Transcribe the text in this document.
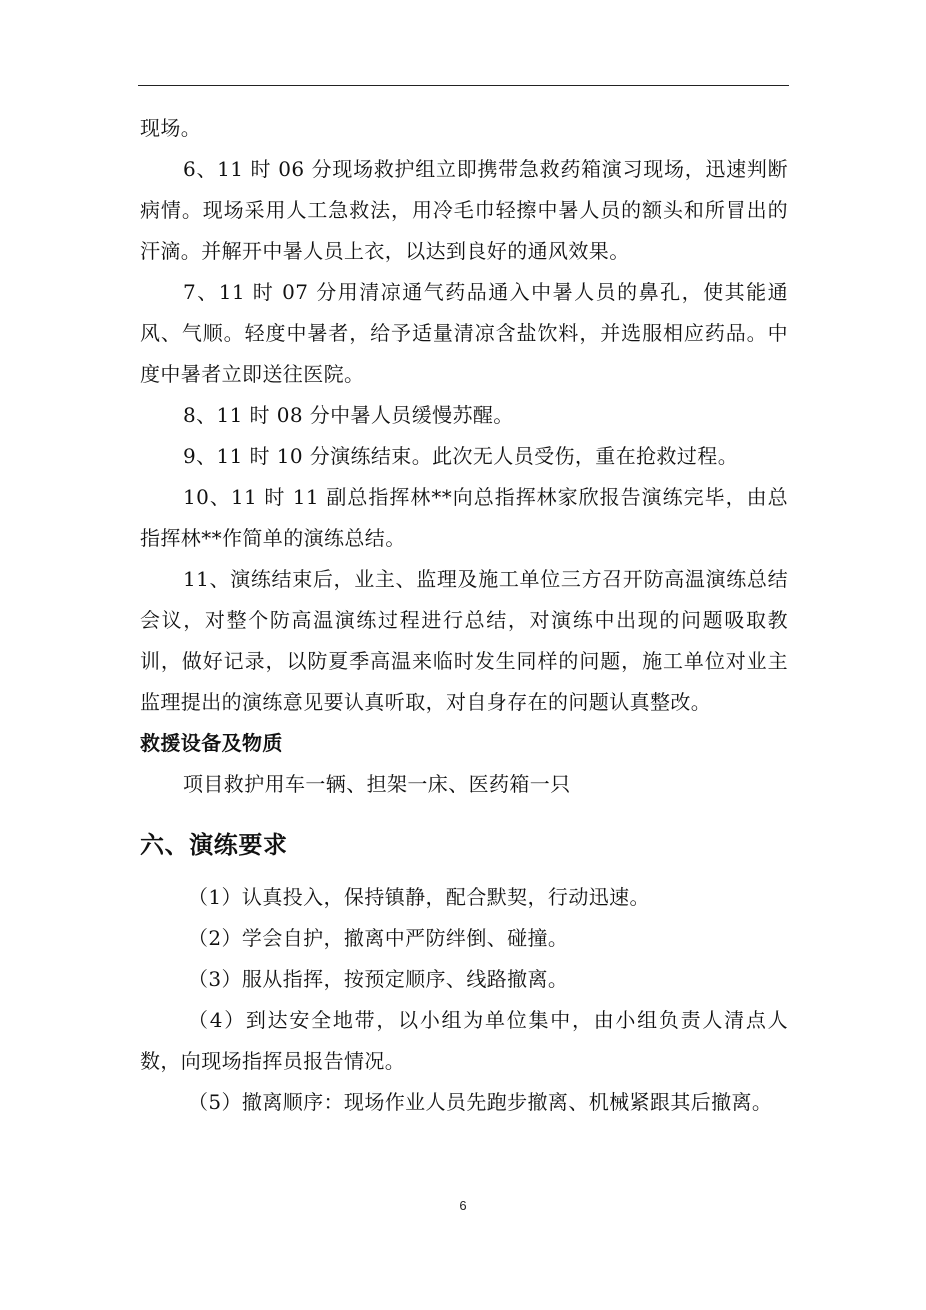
现场。

6、11 时 06 分现场救护组立即携带急救药箱演习现场，迅速判断病情。现场采用人工急救法，用冷毛巾轻擦中暑人员的额头和所冒出的汗滴。并解开中暑人员上衣，以达到良好的通风效果。

7、11 时 07 分用清凉通气药品通入中暑人员的鼻孔，使其能通风、气顺。轻度中暑者，给予适量清凉含盐饮料，并选服相应药品。中度中暑者立即送往医院。

8、11 时 08 分中暑人员缓慢苏醒。

9、11 时 10 分演练结束。此次无人员受伤，重在抢救过程。

10、11 时 11 副总指挥林**向总指挥林家欣报告演练完毕，由总指挥林**作简单的演练总结。

11、演练结束后，业主、监理及施工单位三方召开防高温演练总结会议，对整个防高温演练过程进行总结，对演练中出现的问题吸取教训，做好记录，以防夏季高温来临时发生同样的问题，施工单位对业主监理提出的演练意见要认真听取，对自身存在的问题认真整改。

救援设备及物质

项目救护用车一辆、担架一床、医药箱一只

六、演练要求

（1）认真投入，保持镇静，配合默契，行动迅速。

（2）学会自护，撤离中严防绊倒、碰撞。

（3）服从指挥，按预定顺序、线路撤离。

（4）到达安全地带，以小组为单位集中，由小组负责人清点人数，向现场指挥员报告情况。

（5）撤离顺序：现场作业人员先跑步撤离、机械紧跟其后撤离。

6
